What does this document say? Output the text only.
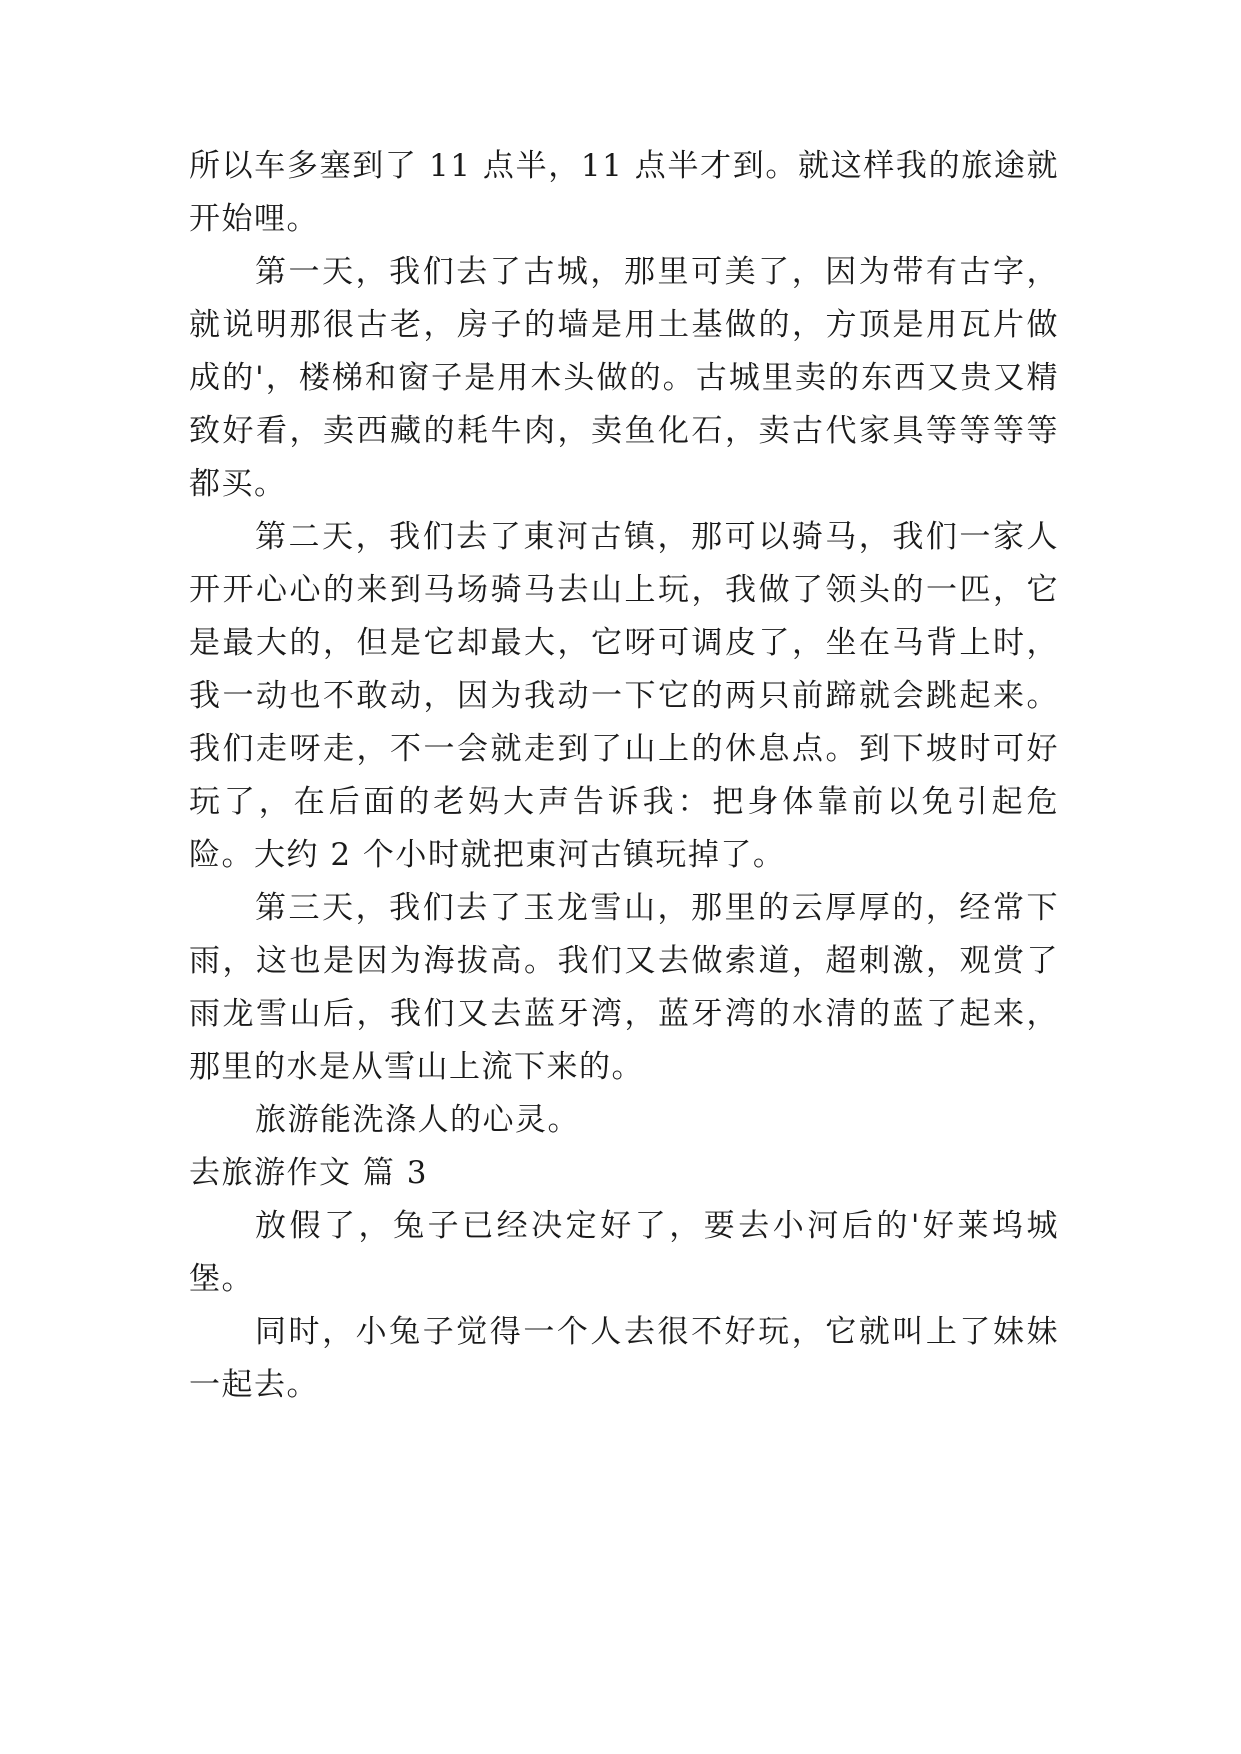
所以车多塞到了 11 点半，11 点半才到。就这样我的旅途就开始哩。

第一天，我们去了古城，那里可美了，因为带有古字，就说明那很古老，房子的墙是用土基做的，方顶是用瓦片做成的'，楼梯和窗子是用木头做的。古城里卖的东西又贵又精致好看，卖西藏的耗牛肉，卖鱼化石，卖古代家具等等等等都买。

第二天，我们去了東河古镇，那可以骑马，我们一家人开开心心的来到马场骑马去山上玩，我做了领头的一匹，它是最大的，但是它却最大，它呀可调皮了，坐在马背上时，我一动也不敢动，因为我动一下它的两只前蹄就会跳起来。我们走呀走，不一会就走到了山上的休息点。到下坡时可好玩了，在后面的老妈大声告诉我：把身体靠前以免引起危险。大约 2 个小时就把東河古镇玩掉了。

第三天，我们去了玉龙雪山，那里的云厚厚的，经常下雨，这也是因为海拔高。我们又去做索道，超刺激，观赏了雨龙雪山后，我们又去蓝牙湾，蓝牙湾的水清的蓝了起来，那里的水是从雪山上流下来的。

旅游能洗涤人的心灵。

去旅游作文 篇 3

放假了，兔子已经决定好了，要去小河后的'好莱坞城堡。

同时，小兔子觉得一个人去很不好玩，它就叫上了妹妹一起去。
